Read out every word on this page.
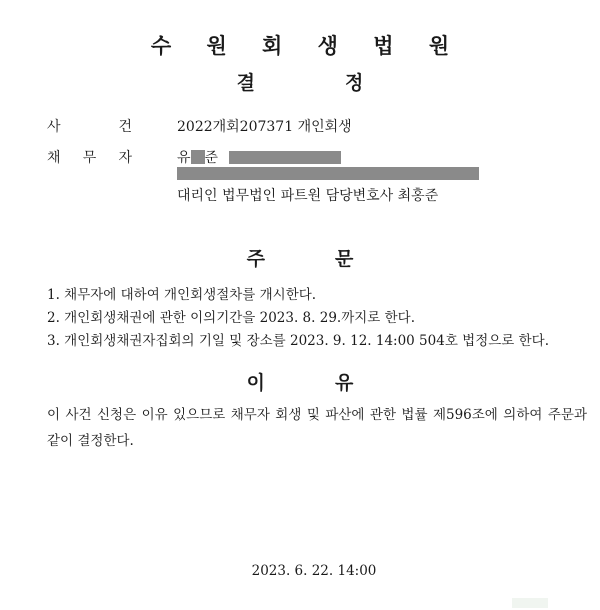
수 원 회 생 법 원
결	정
사	건	2022개회207371 개인회생
채 무 자	유 준
대리인 법무법인 파트원 담당변호사 최홍준
주	문
1. 채무자에 대하여 개인회생절차를 개시한다.
2. 개인회생채권에 관한 이의기간을 2023. 8. 29.까지로 한다.
3. 개인회생채권자집회의 기일 및 장소를 2023. 9. 12. 14:00 504호 법정으로 한다.
이	유
이 사건 신청은 이유 있으므로 채무자 회생 및 파산에 관한 법률 제596조에 의하여 주문과 같이 결정한다.
2023. 6. 22. 14:00
